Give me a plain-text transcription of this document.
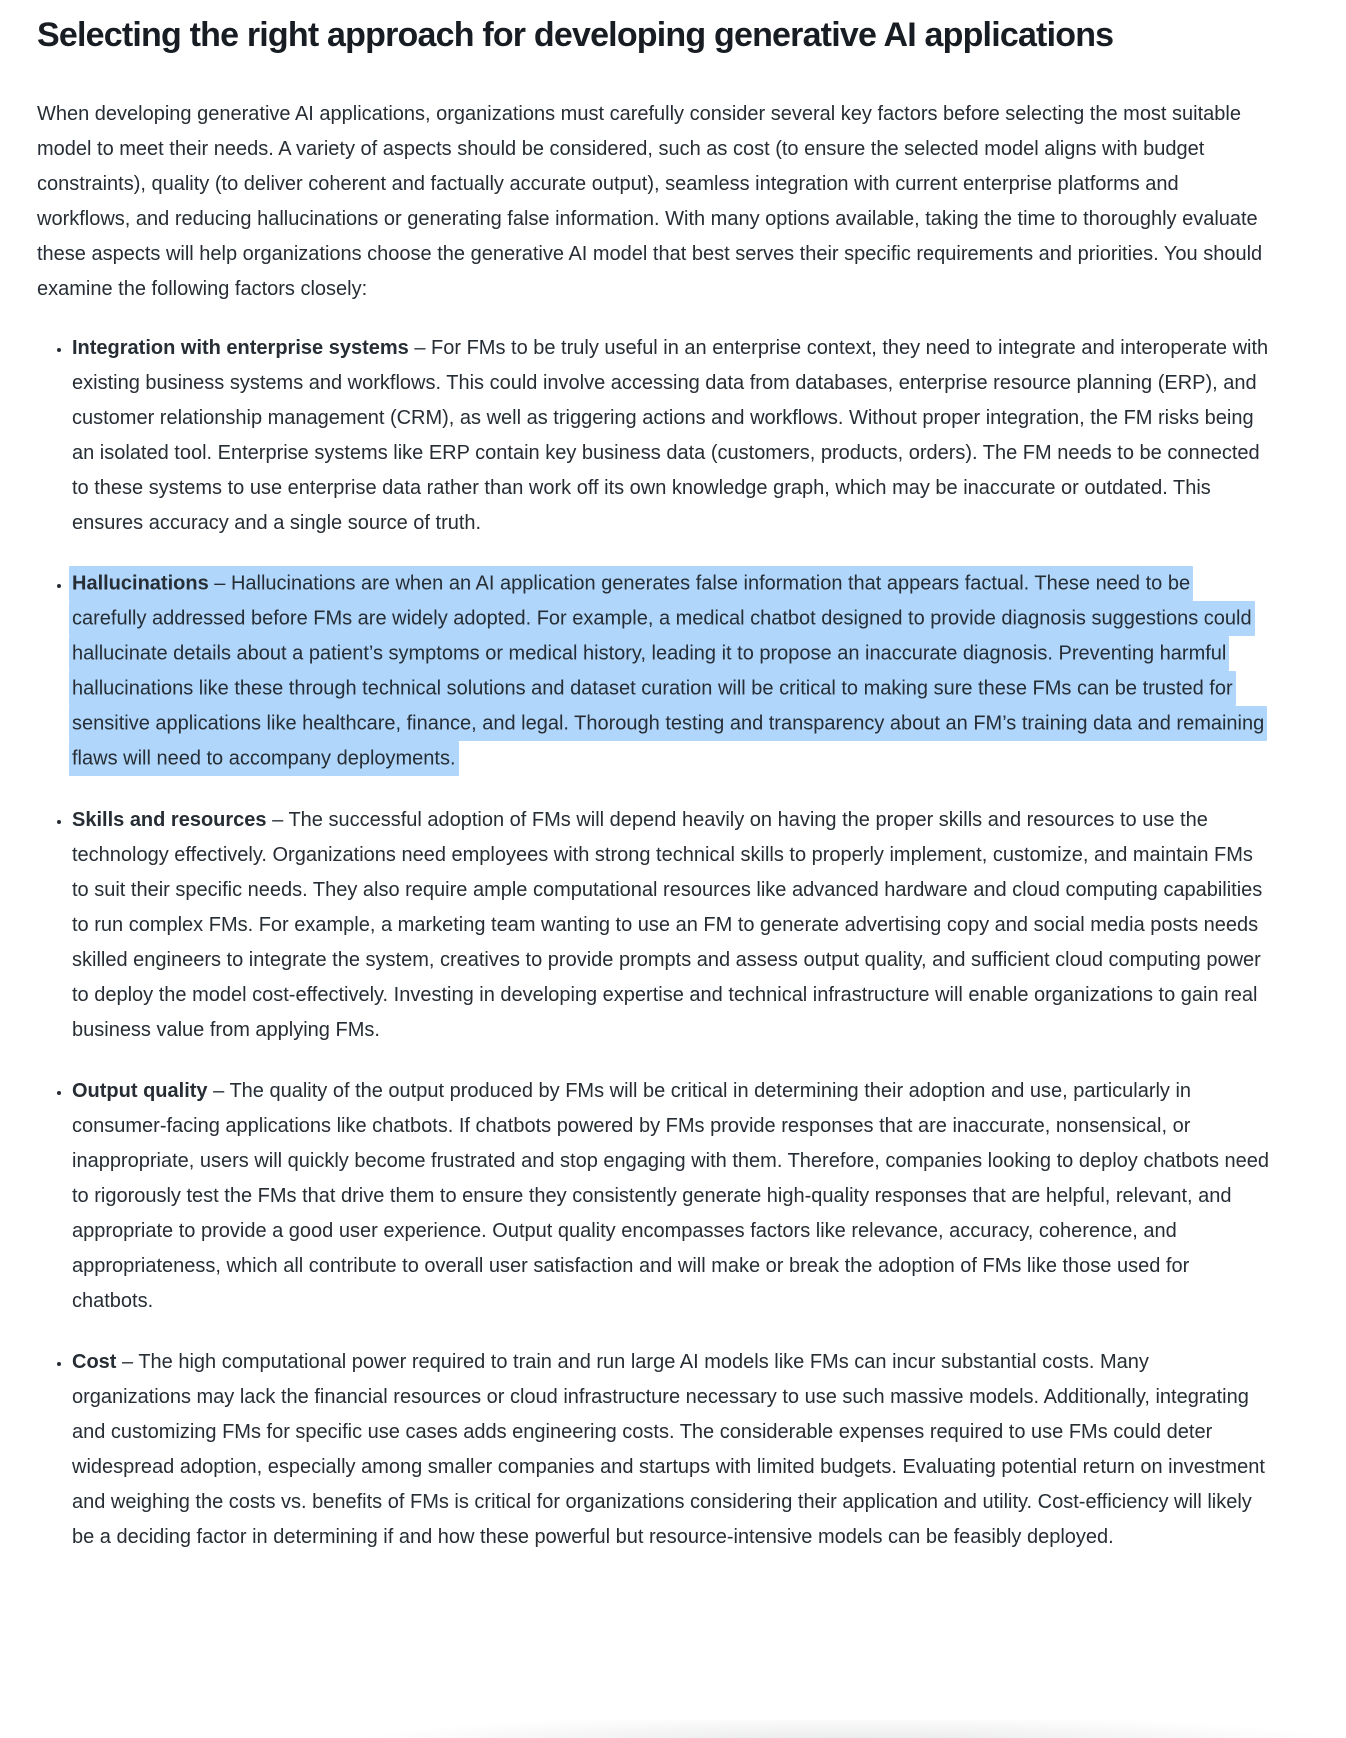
Selecting the right approach for developing generative AI applications

When developing generative AI applications, organizations must carefully consider several key factors before selecting the most suitable model to meet their needs. A variety of aspects should be considered, such as cost (to ensure the selected model aligns with budget constraints), quality (to deliver coherent and factually accurate output), seamless integration with current enterprise platforms and workflows, and reducing hallucinations or generating false information. With many options available, taking the time to thoroughly evaluate these aspects will help organizations choose the generative AI model that best serves their specific requirements and priorities. You should examine the following factors closely:

• Integration with enterprise systems – For FMs to be truly useful in an enterprise context, they need to integrate and interoperate with existing business systems and workflows. This could involve accessing data from databases, enterprise resource planning (ERP), and customer relationship management (CRM), as well as triggering actions and workflows. Without proper integration, the FM risks being an isolated tool. Enterprise systems like ERP contain key business data (customers, products, orders). The FM needs to be connected to these systems to use enterprise data rather than work off its own knowledge graph, which may be inaccurate or outdated. This ensures accuracy and a single source of truth.
• Hallucinations – Hallucinations are when an AI application generates false information that appears factual. These need to be carefully addressed before FMs are widely adopted. For example, a medical chatbot designed to provide diagnosis suggestions could hallucinate details about a patient’s symptoms or medical history, leading it to propose an inaccurate diagnosis. Preventing harmful hallucinations like these through technical solutions and dataset curation will be critical to making sure these FMs can be trusted for sensitive applications like healthcare, finance, and legal. Thorough testing and transparency about an FM’s training data and remaining flaws will need to accompany deployments.
• Skills and resources – The successful adoption of FMs will depend heavily on having the proper skills and resources to use the technology effectively. Organizations need employees with strong technical skills to properly implement, customize, and maintain FMs to suit their specific needs. They also require ample computational resources like advanced hardware and cloud computing capabilities to run complex FMs. For example, a marketing team wanting to use an FM to generate advertising copy and social media posts needs skilled engineers to integrate the system, creatives to provide prompts and assess output quality, and sufficient cloud computing power to deploy the model cost-effectively. Investing in developing expertise and technical infrastructure will enable organizations to gain real business value from applying FMs.
• Output quality – The quality of the output produced by FMs will be critical in determining their adoption and use, particularly in consumer-facing applications like chatbots. If chatbots powered by FMs provide responses that are inaccurate, nonsensical, or inappropriate, users will quickly become frustrated and stop engaging with them. Therefore, companies looking to deploy chatbots need to rigorously test the FMs that drive them to ensure they consistently generate high-quality responses that are helpful, relevant, and appropriate to provide a good user experience. Output quality encompasses factors like relevance, accuracy, coherence, and appropriateness, which all contribute to overall user satisfaction and will make or break the adoption of FMs like those used for chatbots.
• Cost – The high computational power required to train and run large AI models like FMs can incur substantial costs. Many organizations may lack the financial resources or cloud infrastructure necessary to use such massive models. Additionally, integrating and customizing FMs for specific use cases adds engineering costs. The considerable expenses required to use FMs could deter widespread adoption, especially among smaller companies and startups with limited budgets. Evaluating potential return on investment and weighing the costs vs. benefits of FMs is critical for organizations considering their application and utility. Cost-efficiency will likely be a deciding factor in determining if and how these powerful but resource-intensive models can be feasibly deployed.
